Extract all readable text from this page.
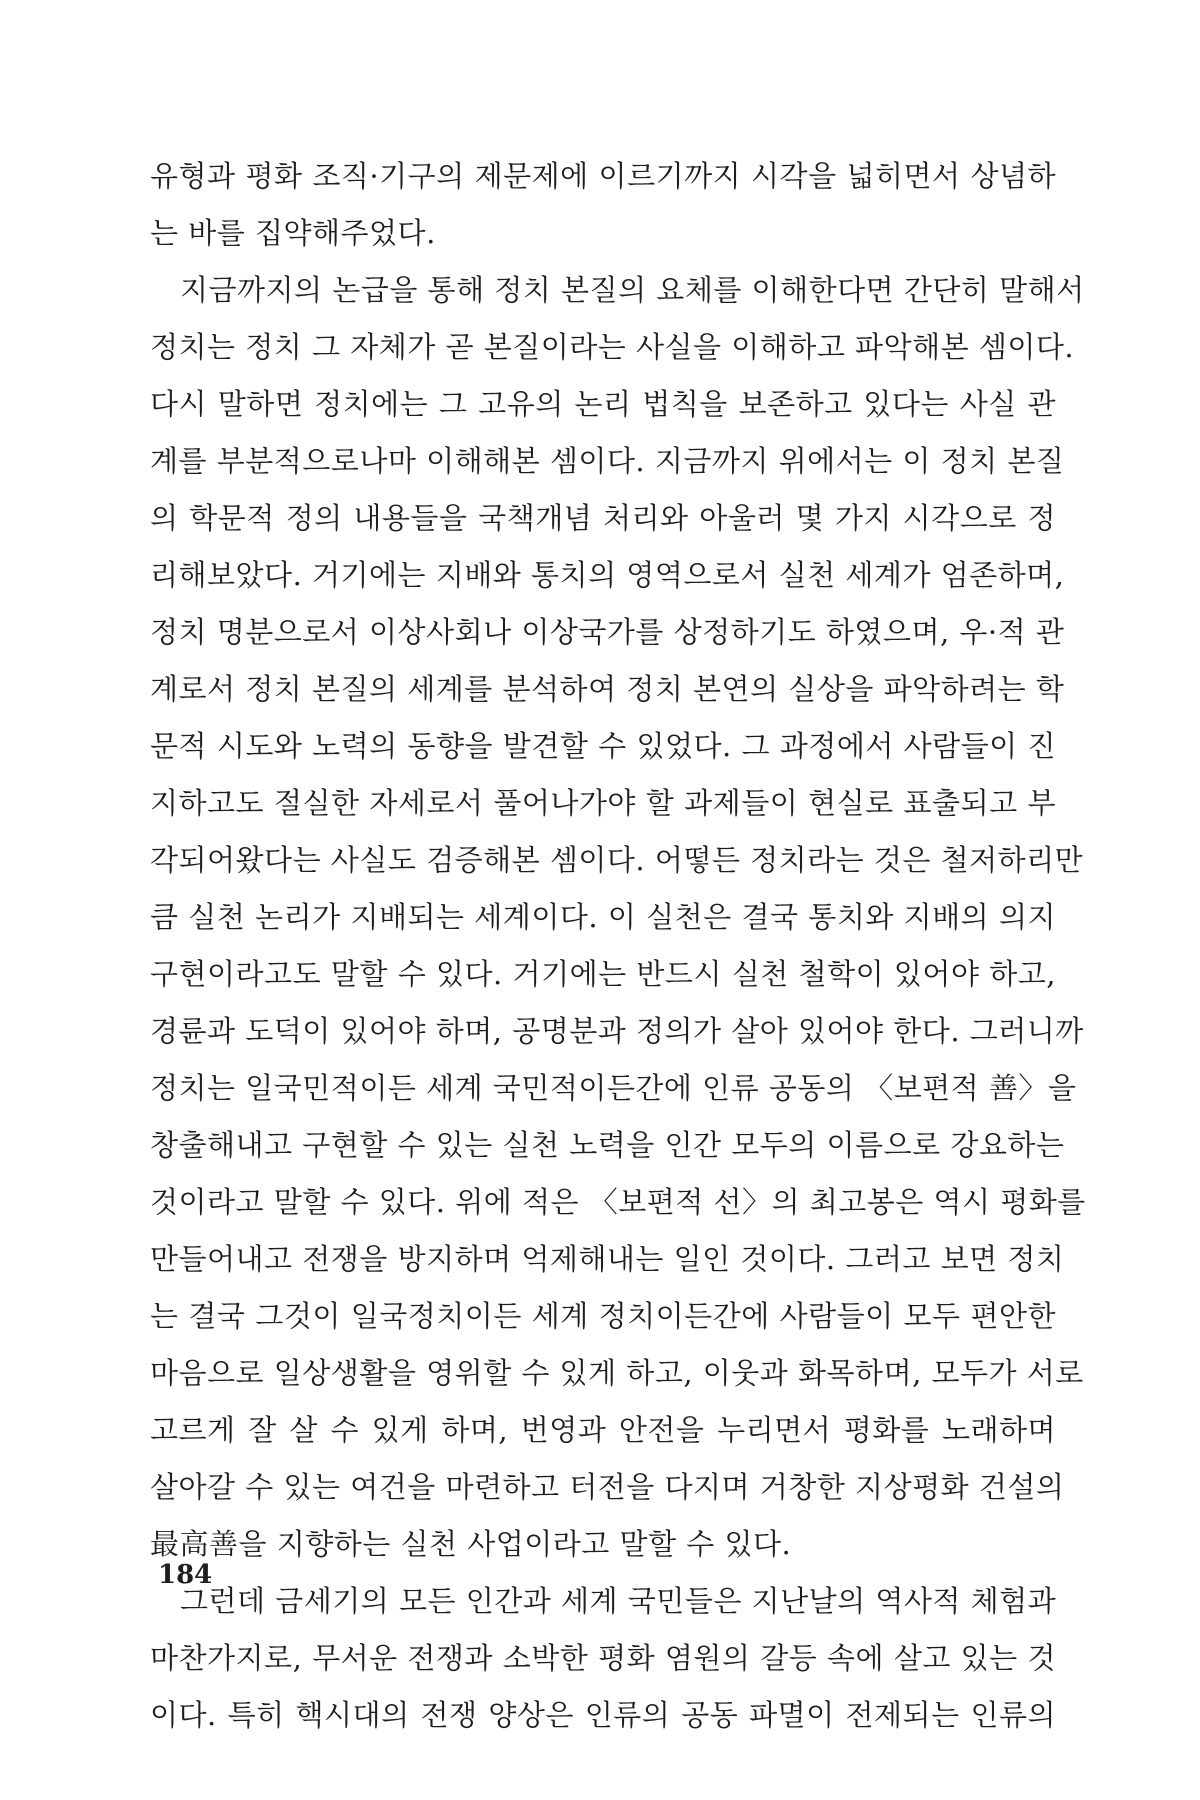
유형과 평화 조직·기구의 제문제에 이르기까지 시각을 넓히면서 상념하
는 바를 집약해주었다.
지금까지의 논급을 통해 정치 본질의 요체를 이해한다면 간단히 말해서
정치는 정치 그 자체가 곧 본질이라는 사실을 이해하고 파악해본 셈이다.
다시 말하면 정치에는 그 고유의 논리 법칙을 보존하고 있다는 사실 관
계를 부분적으로나마 이해해본 셈이다. 지금까지 위에서는 이 정치 본질
의 학문적 정의 내용들을 국책개념 처리와 아울러 몇 가지 시각으로 정
리해보았다. 거기에는 지배와 통치의 영역으로서 실천 세계가 엄존하며,
정치 명분으로서 이상사회나 이상국가를 상정하기도 하였으며, 우·적 관
계로서 정치 본질의 세계를 분석하여 정치 본연의 실상을 파악하려는 학
문적 시도와 노력의 동향을 발견할 수 있었다. 그 과정에서 사람들이 진
지하고도 절실한 자세로서 풀어나가야 할 과제들이 현실로 표출되고 부
각되어왔다는 사실도 검증해본 셈이다. 어떻든 정치라는 것은 철저하리만
큼 실천 논리가 지배되는 세계이다. 이 실천은 결국 통치와 지배의 의지
구현이라고도 말할 수 있다. 거기에는 반드시 실천 철학이 있어야 하고,
경륜과 도덕이 있어야 하며, 공명분과 정의가 살아 있어야 한다. 그러니까
정치는 일국민적이든 세계 국민적이든간에 인류 공동의 〈보편적 善〉을
창출해내고 구현할 수 있는 실천 노력을 인간 모두의 이름으로 강요하는
것이라고 말할 수 있다. 위에 적은 〈보편적 선〉의 최고봉은 역시 평화를
만들어내고 전쟁을 방지하며 억제해내는 일인 것이다. 그러고 보면 정치
는 결국 그것이 일국정치이든 세계 정치이든간에 사람들이 모두 편안한
마음으로 일상생활을 영위할 수 있게 하고, 이웃과 화목하며, 모두가 서로
고르게 잘 살 수 있게 하며, 번영과 안전을 누리면서 평화를 노래하며
살아갈 수 있는 여건을 마련하고 터전을 다지며 거창한 지상평화 건설의
最高善을 지향하는 실천 사업이라고 말할 수 있다.
그런데 금세기의 모든 인간과 세계 국민들은 지난날의 역사적 체험과
마찬가지로, 무서운 전쟁과 소박한 평화 염원의 갈등 속에 살고 있는 것
이다. 특히 핵시대의 전쟁 양상은 인류의 공동 파멸이 전제되는 인류의
184
